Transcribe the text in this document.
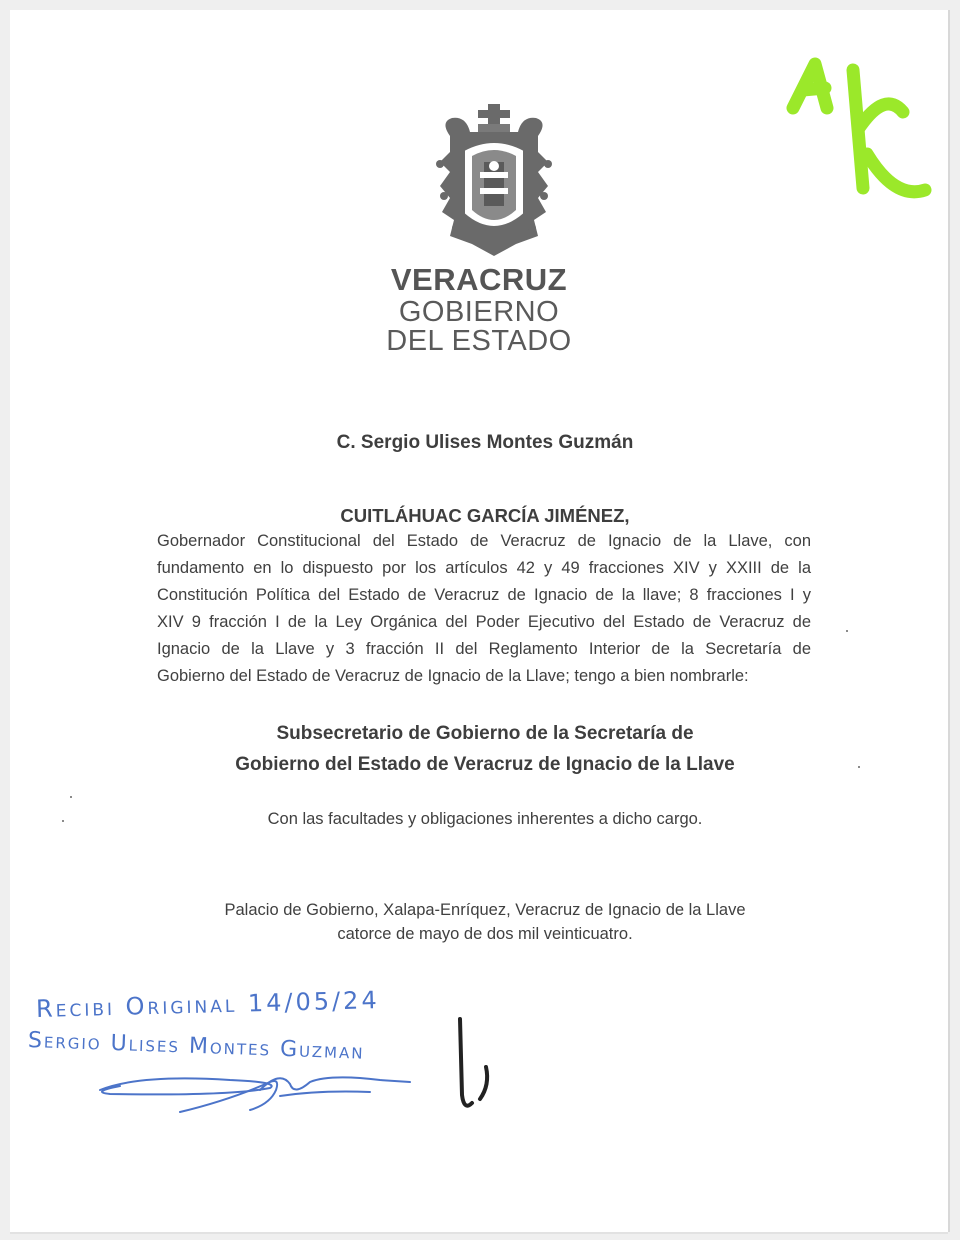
VERACRUZ
GOBIERNO
DEL ESTADO
C. Sergio Ulises Montes Guzmán
CUITLÁHUAC GARCÍA JIMÉNEZ,
Gobernador Constitucional del Estado de Veracruz de Ignacio de la Llave, con
fundamento en lo dispuesto por los artículos 42 y 49 fracciones XIV y XXIII de la
Constitución Política del Estado de Veracruz de Ignacio de la llave; 8 fracciones I y
XIV 9 fracción I de la Ley Orgánica del Poder Ejecutivo del Estado de Veracruz de
Ignacio de la Llave y 3 fracción II del Reglamento Interior de la Secretaría de
Gobierno del Estado de Veracruz de Ignacio de la Llave; tengo a bien nombrarle:
Subsecretario de Gobierno de la Secretaría de
Gobierno del Estado de Veracruz de Ignacio de la Llave
Con las facultades y obligaciones inherentes a dicho cargo.
Palacio de Gobierno, Xalapa-Enríquez, Veracruz de Ignacio de la Llave
catorce de mayo de dos mil veinticuatro.
Recibi Original 14/05/24
Sergio Ulises Montes Guzman
